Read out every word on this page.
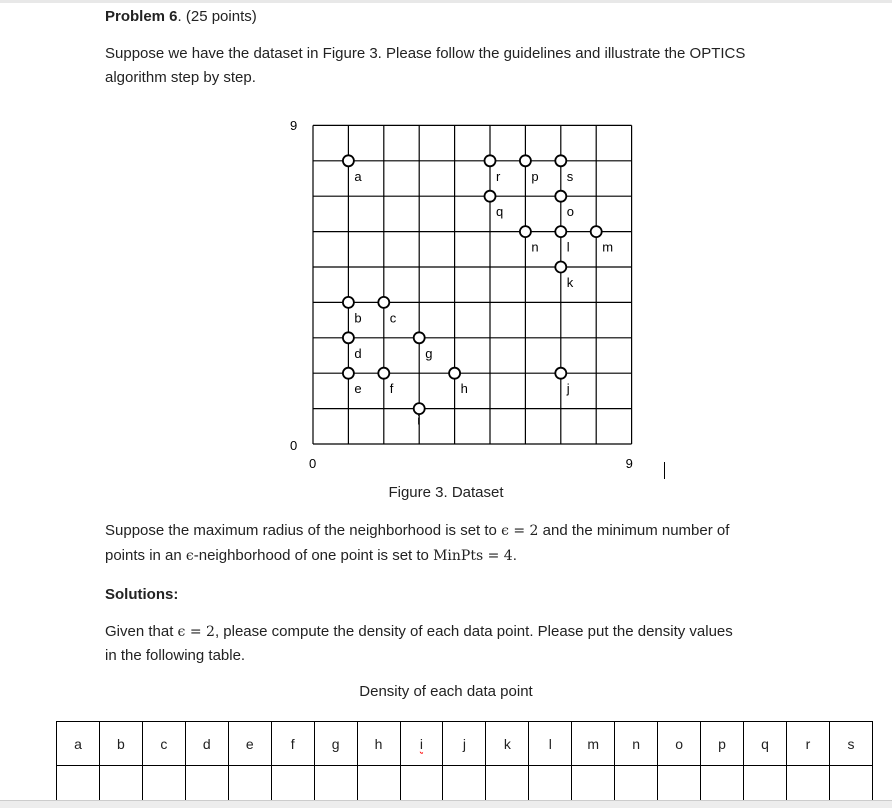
Problem 6. (25 points)
Suppose we have the dataset in Figure 3. Please follow the guidelines and illustrate the OPTICS
algorithm step by step.
9
0
0	9
a
b c
d
e f
g
h
i
j
k
l	m
n
o
p
q
r	s
Figure 3. Dataset
Suppose the maximum radius of the neighborhood is set to ϵ = 2 and the minimum number of
points in an ϵ-neighborhood of one point is set to MinPts = 4.
Solutions:
Given that ϵ = 2, please compute the density of each data point. Please put the density values
in the following table.
Density of each data point
a	b	c	d	e	f	g	h	i	j	k	l	m	n	o	p	q	r	s
